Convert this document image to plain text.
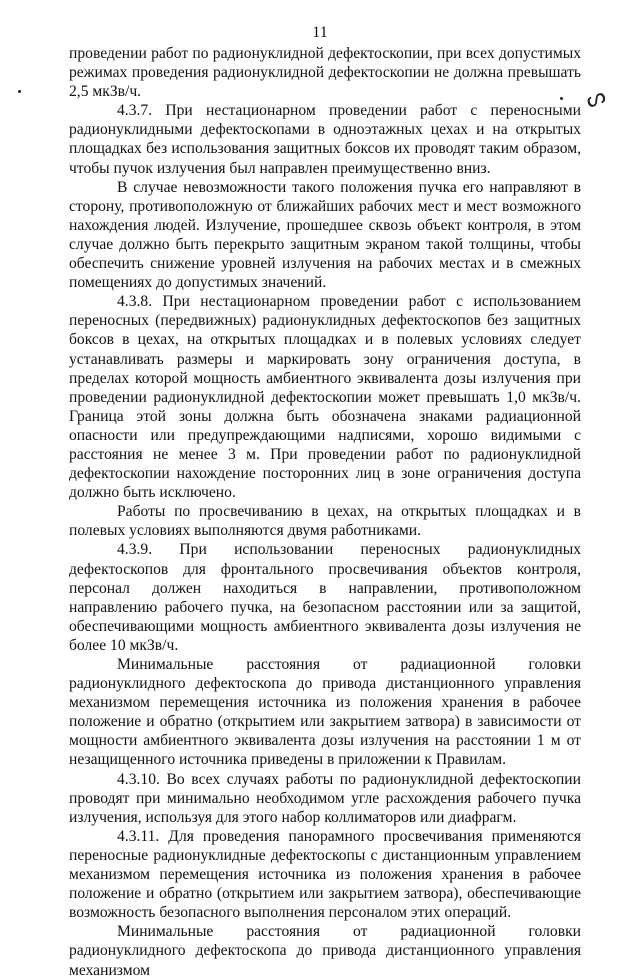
11
ᔕ

проведении работ по радионуклидной дефектоскопии, при всех допустимых режимах проведения радионуклидной дефектоскопии не должна превышать 2,5 мкЗв/ч.

4.3.7. При нестационарном проведении работ с переносными радионуклидными дефектоскопами в одноэтажных цехах и на открытых площадках без использования защитных боксов их проводят таким образом, чтобы пучок излучения был направлен преимущественно вниз.

В случае невозможности такого положения пучка его направляют в сторону, противоположную от ближайших рабочих мест и мест возможного нахождения людей. Излучение, прошедшее сквозь объект контроля, в этом случае должно быть перекрыто защитным экраном такой толщины, чтобы обеспечить снижение уровней излучения на рабочих местах и в смежных помещениях до допустимых значений.

4.3.8. При нестационарном проведении работ с использованием переносных (передвижных) радионуклидных дефектоскопов без защитных боксов в цехах, на открытых площадках и в полевых условиях следует устанавливать размеры и маркировать зону ограничения доступа, в пределах которой мощность амбиентного эквивалента дозы излучения при проведении радионуклидной дефектоскопии может превышать 1,0 мкЗв/ч. Граница этой зоны должна быть обозначена знаками радиационной опасности или предупреждающими надписями, хорошо видимыми с расстояния не менее 3 м. При проведении работ по радионуклидной дефектоскопии нахождение посторонних лиц в зоне ограничения доступа должно быть исключено.

Работы по просвечиванию в цехах, на открытых площадках и в полевых условиях выполняются двумя работниками.

4.3.9. При использовании переносных радионуклидных дефектоскопов для фронтального просвечивания объектов контроля, персонал должен находиться в направлении, противоположном направлению рабочего пучка, на безопасном расстоянии или за защитой, обеспечивающими мощность амбиентного эквивалента дозы излучения не более 10 мкЗв/ч.

Минимальные расстояния от радиационной головки радионуклидного дефектоскопа до привода дистанционного управления механизмом перемещения источника из положения хранения в рабочее положение и обратно (открытием или закрытием затвора) в зависимости от мощности амбиентного эквивалента дозы излучения на расстоянии 1 м от незащищенного источника приведены в приложении к Правилам.

4.3.10. Во всех случаях работы по радионуклидной дефектоскопии проводят при минимально необходимом угле расхождения рабочего пучка излучения, используя для этого набор коллиматоров или диафрагм.

4.3.11. Для проведения панорамного просвечивания применяются переносные радионуклидные дефектоскопы с дистанционным управлением механизмом перемещения источника из положения хранения в рабочее положение и обратно (открытием или закрытием затвора), обеспечивающие возможность безопасного выполнения персоналом этих операций.

Минимальные расстояния от радиационной головки радионуклидного дефектоскопа до привода дистанционного управления механизмом
